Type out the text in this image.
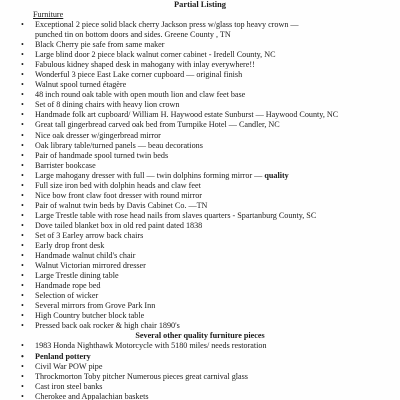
Partial Listing
Furniture
• Exceptional 2 piece solid black cherry Jackson press w/glass top heavy crown —
punched tin on bottom doors and sides. Greene County , TN
• Black Cherry pie safe from same maker
• Large blind door 2 piece black walnut corner cabinet - Iredell County, NC
• Fabulous kidney shaped desk in mahogany with inlay everywhere!!
• Wonderful 3 piece East Lake corner cupboard — original finish
• Walnut spool turned étagère
• 48 inch round oak table with open mouth lion and claw feet base
• Set of 8 dining chairs with heavy lion crown
• Handmade folk art cupboard/ William H. Haywood estate Sunburst — Haywood County, NC
• Great tall gingerbread carved oak bed from Turnpike Hotel — Candler, NC
• Nice oak dresser w/gingerbread mirror
• Oak library table/turned panels — beau decorations
• Pair of handmade spool turned twin beds
• Barrister bookcase
• Large mahogany dresser with full — twin dolphins forming mirror — quality
• Full size iron bed with dolphin heads and claw feet
• Nice bow front claw foot dresser with round mirror
• Pair of walnut twin beds by Davis Cabinet Co. —TN
• Large Trestle table with rose head nails from slaves quarters - Spartanburg County, SC
• Dove tailed blanket box in old red paint dated 1838
• Set of 3 Earley arrow back chairs
• Early drop front desk
• Handmade walnut child's chair
• Walnut Victorian mirrored dresser
• Large Trestle dining table
• Handmade rope bed
• Selection of wicker
• Several mirrors from Grove Park Inn
• High Country butcher block table
• Pressed back oak rocker & high chair 1890's
Several other quality furniture pieces
• 1983 Honda Nighthawk Motorcycle with 5180 miles/ needs restoration
• Penland pottery
• Civil War POW pipe
• Throckmorton Toby pitcher Numerous pieces great carnival glass
• Cast iron steel banks
• Cherokee and Appalachian baskets
